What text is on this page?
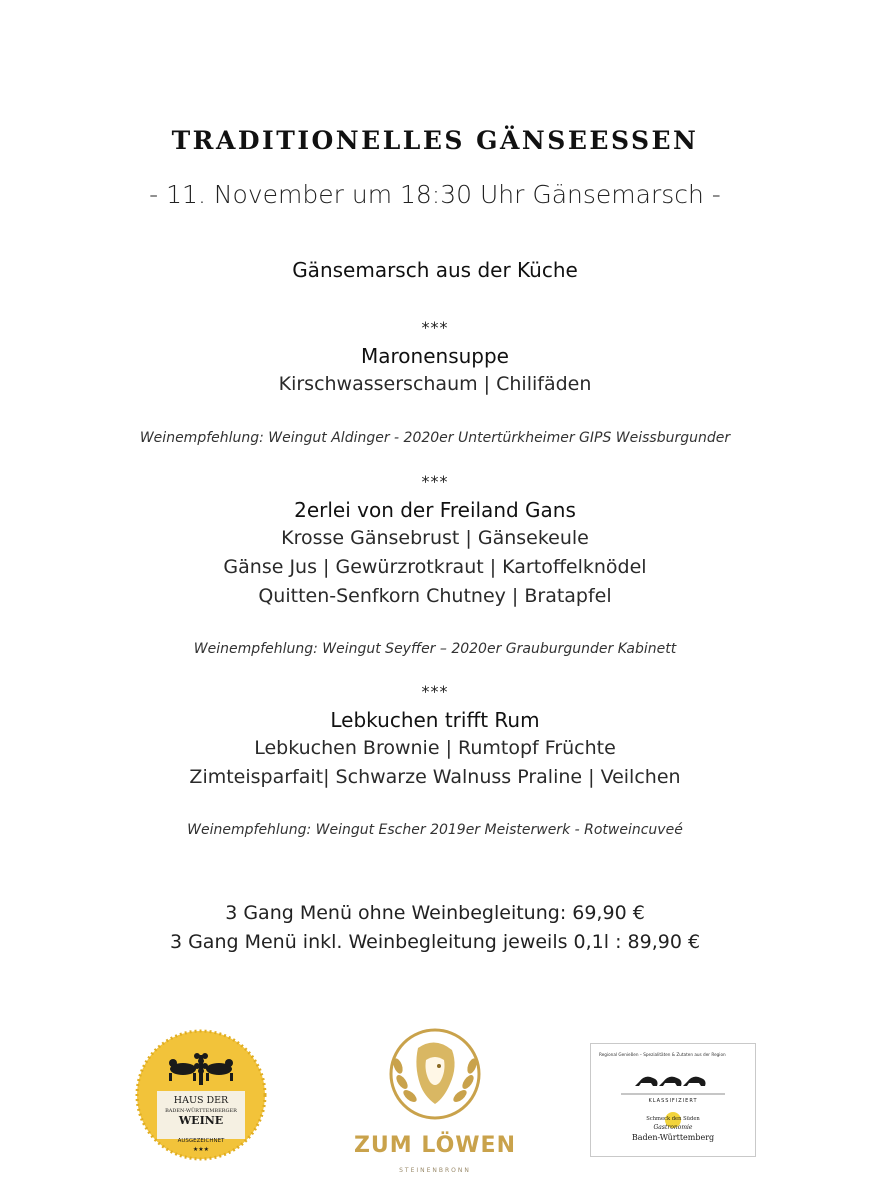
TRADITIONELLES GÄNSEESSEN
- 11. November um 18:30 Uhr Gänsemarsch -
Gänsemarsch aus der Küche
***
Maronensuppe
Kirschwasserschaum | Chilifäden
Weinempfehlung: Weingut Aldinger - 2020er Untertürkheimer GIPS Weissburgunder
***
2erlei von der Freiland Gans
Krosse Gänsebrust | Gänsekeule
Gänse Jus | Gewürzrotkraut | Kartoffelknödel
Quitten-Senfkorn Chutney | Bratapfel
Weinempfehlung: Weingut Seyffer – 2020er Grauburgunder Kabinett
***
Lebkuchen trifft Rum
Lebkuchen Brownie | Rumtopf Früchte
Zimteisparfait| Schwarze Walnuss Praline | Veilchen
Weinempfehlung: Weingut Escher 2019er Meisterwerk - Rotweincuveé
3 Gang Menü ohne Weinbegleitung: 69,90 €
3 Gang Menü inkl. Weinbegleitung jeweils 0,1l : 89,90 €
HAUS DER
BADEN-WÜRTTEMBERGER
WEINE
AUSGEZEICHNET
★★★	ZUM LÖWEN
STEINENBRONN
Regional Genießen – Spezialitäten & Zutaten aus der Region
KLASSIFIZIERT
Schmeck den Süden
Gastronomie
Baden-Württemberg
